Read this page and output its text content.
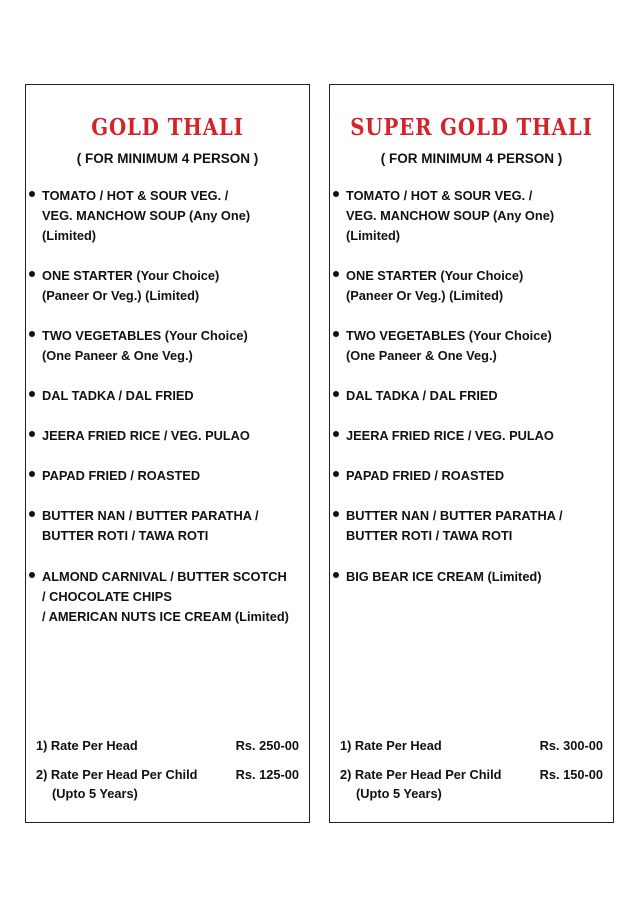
GOLD THALI
( FOR MINIMUM 4 PERSON )
TOMATO / HOT & SOUR VEG. /
VEG. MANCHOW SOUP (Any One)
(Limited)
ONE STARTER (Your Choice)
(Paneer Or Veg.) (Limited)
TWO VEGETABLES (Your Choice)
(One Paneer & One Veg.)
DAL TADKA / DAL FRIED
JEERA FRIED RICE / VEG. PULAO
PAPAD FRIED / ROASTED
BUTTER NAN / BUTTER PARATHA /
BUTTER ROTI / TAWA ROTI
ALMOND CARNIVAL / BUTTER SCOTCH
/ CHOCOLATE CHIPS
/ AMERICAN NUTS ICE CREAM (Limited)
1) Rate Per Head	Rs. 250-00
2) Rate Per Head Per Child	Rs. 125-00
(Upto 5 Years)
SUPER GOLD THALI
( FOR MINIMUM 4 PERSON )
TOMATO / HOT & SOUR VEG. /
VEG. MANCHOW SOUP (Any One)
(Limited)
ONE STARTER (Your Choice)
(Paneer Or Veg.) (Limited)
TWO VEGETABLES (Your Choice)
(One Paneer & One Veg.)
DAL TADKA / DAL FRIED
JEERA FRIED RICE / VEG. PULAO
PAPAD FRIED / ROASTED
BUTTER NAN / BUTTER PARATHA /
BUTTER ROTI / TAWA ROTI
BIG BEAR ICE CREAM (Limited)
1) Rate Per Head	Rs. 300-00
2) Rate Per Head Per Child	Rs. 150-00
(Upto 5 Years)
